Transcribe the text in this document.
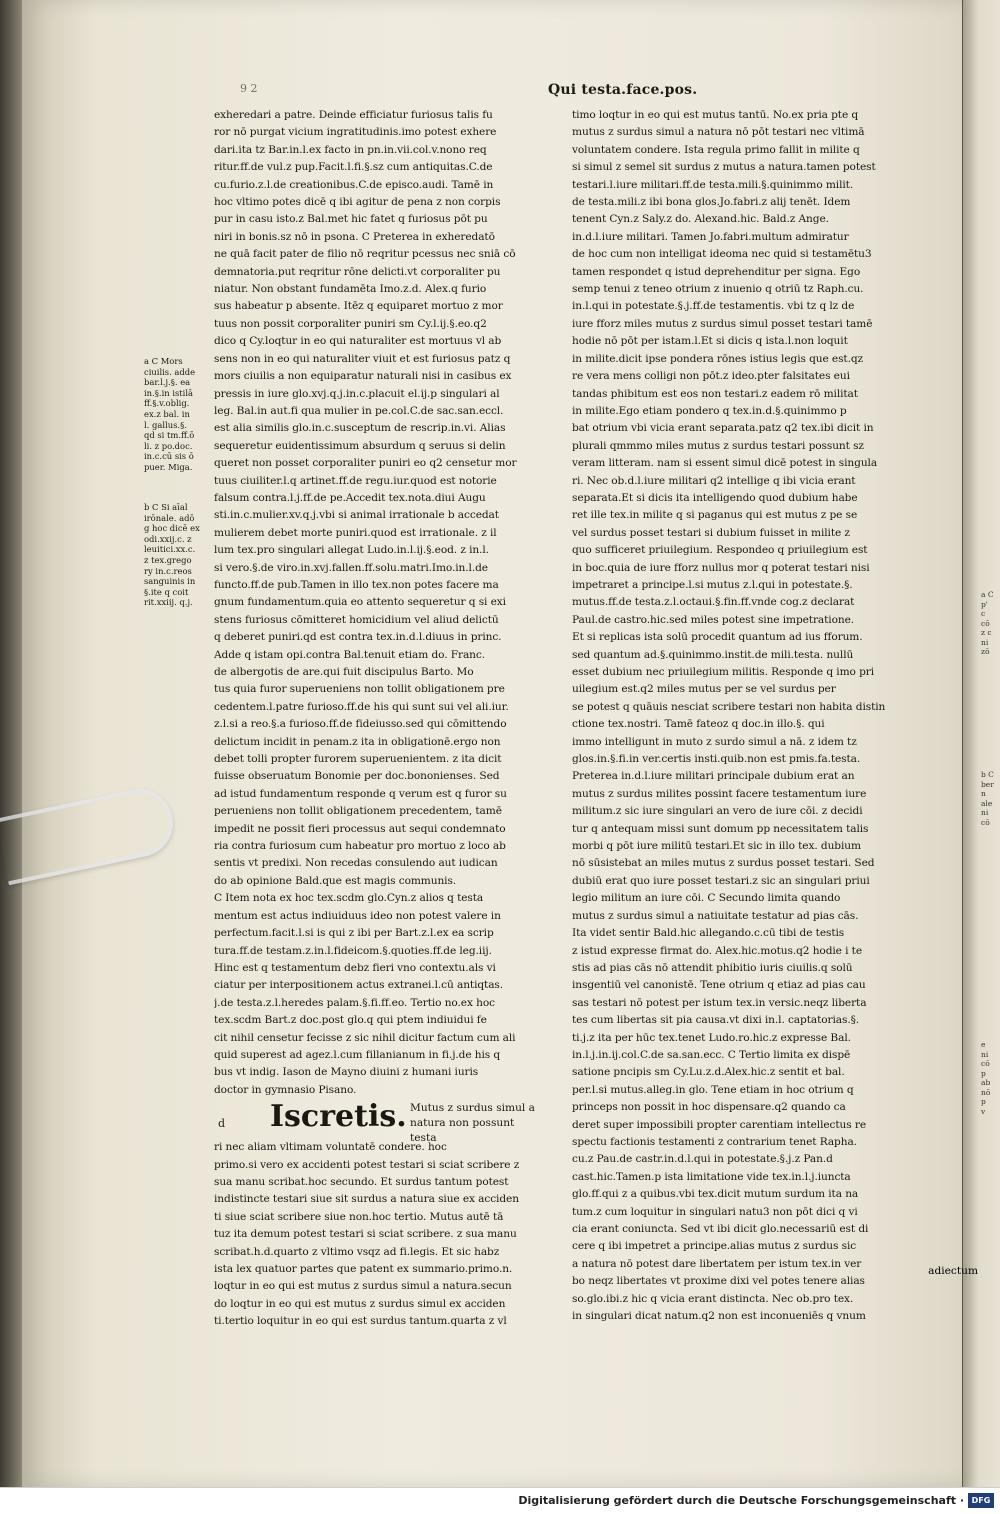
a C
p'
c
cō
z c
ni
zō
b C
ber
n
ale
ni
cō
e
ni
cō
p
ab
nō
p
v
9 2	Qui testa.face.pos.
a C Mors
ciuilis. adde
bar.l.j.§. ea
in.§.in istilā
ff.§.v.oblig.
ex.z bal. in
l. gallus.§.
qd si tm.ff.ō
li. z po.doc.
in.c.cū sis ō
puer. Miga.
b C Si aīal
irōnale. adō
g hoc dicē ex
odi.xxij.c. z
leuitici.xx.c.
z tex.grego
ry in.c.reos
sanguinis in
§.ite q coit
rit.xxiij. q.j.
exheredari a patre. Deinde efficiatur furiosus talis fu
ror nō purgat vicium ingratitudinis.imo potest exhere
dari.ita tz Bar.in.l.ex facto in pn.in.vii.col.v.nono req
ritur.ff.de vul.z pup.Facit.l.fi.§.sz cum antiquitas.C.de
cu.furio.z.l.de creationibus.C.de episco.audi. Tamē in
hoc vltimo potes dicē q ibi agitur de pena z non corpis
pur in casu isto.z Bal.met hic fatet q furiosus pōt pu
niri in bonis.sz nō in psona. C Preterea in exheredatō
ne quā facit pater de filio nō reqritur pcessus nec sniā cō
demnatoria.put reqritur rōne delicti.vt corporaliter pu
niatur. Non obstant fundamēta Imo.z.d. Alex.q furio
sus habeatur p absente. Itēz q equiparet mortuo z mor
tuus non possit corporaliter puniri sm Cy.l.ij.§.eo.q2
dico q Cy.loqtur in eo qui naturaliter est mortuus vl ab
sens non in eo qui naturaliter viuit et est furiosus patz q
mors ciuilis a non equiparatur naturali nisi in casibus ex
pressis in iure glo.xvj.q.j.in.c.placuit el.ij.p singulari al
leg. Bal.in aut.fi qua mulier in pe.col.C.de sac.san.eccl.
est alia similis glo.in.c.susceptum de rescrip.in.vi. Alias
sequeretur euidentissimum absurdum q seruus si delin
queret non posset corporaliter puniri eo q2 censetur mor
tuus ciuiliter.l.q artinet.ff.de regu.iur.quod est notorie
falsum contra.l.j.ff.de pe.Accedit tex.nota.diui Augu
sti.in.c.mulier.xv.q.j.vbi si animal irrationale b accedat
mulierem debet morte puniri.quod est irrationale. z il
lum tex.pro singulari allegat Ludo.in.l.ij.§.eod. z in.l.
si vero.§.de viro.in.xvj.fallen.ff.solu.matri.Imo.in.l.de
functo.ff.de pub.Tamen in illo tex.non potes facere ma
gnum fundamentum.quia eo attento sequeretur q si exi
stens furiosus cōmitteret homicidium vel aliud delictū
q deberet puniri.qd est contra tex.in.d.l.diuus in princ.
Adde q istam opi.contra Bal.tenuit etiam do. Franc.
de albergotis de are.qui fuit discipulus Barto. Mo
tus quia furor superueniens non tollit obligationem pre
cedentem.l.patre furioso.ff.de his qui sunt sui vel ali.iur.
z.l.si a reo.§.a furioso.ff.de fideiusso.sed qui cōmittendo
delictum incidit in penam.z ita in obligationē.ergo non
debet tolli propter furorem superuenientem. z ita dicit
fuisse obseruatum Bonomie per doc.bononienses. Sed
ad istud fundamentum responde q verum est q furor su
perueniens non tollit obligationem precedentem, tamē
impedit ne possit fieri processus aut sequi condemnato
ria contra furiosum cum habeatur pro mortuo z loco ab
sentis vt predixi. Non recedas consulendo aut iudican
do ab opinione Bald.que est magis communis.
C Item nota ex hoc tex.scdm glo.Cyn.z alios q testa
mentum est actus indiuiduus ideo non potest valere in
perfectum.facit.l.si is qui z ibi per Bart.z.l.ex ea scrip
tura.ff.de testam.z.in.l.fideicom.§.quoties.ff.de leg.iij.
Hinc est q testamentum debz fieri vno contextu.als vi
ciatur per interpositionem actus extranei.l.cū antiqtas.
j.de testa.z.l.heredes palam.§.fi.ff.eo. Tertio no.ex hoc
tex.scdm Bart.z doc.post glo.q qui ptem indiuidui fe
cit nihil censetur fecisse z sic nihil dicitur factum cum ali
quid superest ad agez.l.cum fillanianum in fi.j.de his q
bus vt indig. Iason de Mayno diuini z humani iuris
doctor in gymnasio Pisano.
d Iscretis. Mutus z surdus simul a
natura non possunt testa
ri nec aliam vltimam voluntatē condere. hoc
primo.si vero ex accidenti potest testari si sciat scribere z
sua manu scribat.hoc secundo. Et surdus tantum potest
indistincte testari siue sit surdus a natura siue ex acciden
ti siue sciat scribere siue non.hoc tertio. Mutus autē tā
tuz ita demum potest testari si sciat scribere. z sua manu
scribat.h.d.quarto z vltimo vsqz ad fi.legis. Et sic habz
ista lex quatuor partes que patent ex summario.primo.n.
loqtur in eo qui est mutus z surdus simul a natura.secun
do loqtur in eo qui est mutus z surdus simul ex acciden
ti.tertio loquitur in eo qui est surdus tantum.quarta z vl
timo loqtur in eo qui est mutus tantū. No.ex pria pte q
mutus z surdus simul a natura nō pōt testari nec vltimā
voluntatem condere. Ista regula primo fallit in milite q
si simul z semel sit surdus z mutus a natura.tamen potest
testari.l.iure militari.ff.de testa.mili.§.quinimmo milit.
de testa.mili.z ibi bona glos.Jo.fabri.z alij tenēt. Idem
tenent Cyn.z Saly.z do. Alexand.hic. Bald.z Ange.
in.d.l.iure militari. Tamen Jo.fabri.multum admiratur
de hoc cum non intelligat ideoma nec quid si testamētu3
tamen respondet q istud deprehenditur per signa. Ego
semp tenui z teneo otrium z inuenio q otriū tz Raph.cu.
in.l.qui in potestate.§.j.ff.de testamentis. vbi tz q lz de
iure fforz miles mutus z surdus simul posset testari tamē
hodie nō pōt per istam.l.Et si dicis q ista.l.non loquit
in milite.dicit ipse pondera rōnes istius legis que est.qz
re vera mens colligi non pōt.z ideo.pter falsitates eui
tandas phibitum est eos non testari.z eadem rō militat
in milite.Ego etiam pondero q tex.in.d.§.quinimmo p
bat otrium vbi vicia erant separata.patz q2 tex.ibi dicit in
plurali qmmmo miles mutus z surdus testari possunt sz
veram litteram. nam si essent simul dicē potest in singula
ri. Nec ob.d.l.iure militari q2 intellige q ibi vicia erant
separata.Et si dicis ita intelligendo quod dubium habe
ret ille tex.in milite q si paganus qui est mutus z pe se
vel surdus posset testari si dubium fuisset in milite z
quo sufficeret priuilegium. Respondeo q priuilegium est
in boc.quia de iure fforz nullus mor q poterat testari nisi
impetraret a principe.l.si mutus z.l.qui in potestate.§.
mutus.ff.de testa.z.l.octaui.§.fin.ff.vnde cog.z declarat
Paul.de castro.hic.sed miles potest sine impetratione.
Et si replicas ista solū procedit quantum ad ius fforum.
sed quantum ad.§.quinimmo.instit.de mili.testa. nullū
esset dubium nec priuilegium militis. Responde q imo pri
uilegium est.q2 miles mutus per se vel surdus per
se potest q quāuis nesciat scribere testari non habita distin
ctione tex.nostri. Tamē fateoz q doc.in illo.§. qui
immo intelligunt in muto z surdo simul a nā. z idem tz
glos.in.§.fi.in ver.certis insti.quib.non est pmis.fa.testa.
Preterea in.d.l.iure militari principale dubium erat an
mutus z surdus milites possint facere testamentum iure
militum.z sic iure singulari an vero de iure cōi. z decidi
tur q antequam missi sunt domum pp necessitatem talis
morbi q pōt iure militū testari.Et sic in illo tex. dubium
nō sūsistebat an miles mutus z surdus posset testari. Sed
dubiū erat quo iure posset testari.z sic an singulari priui
legio militum an iure cōi. C Secundo limita quando
mutus z surdus simul a natiuitate testatur ad pias cās.
Ita videt sentir Bald.hic allegando.c.cū tibi de testis
z istud expresse firmat do. Alex.hic.motus.q2 hodie i te
stis ad pias cās nō attendit phibitio iuris ciuilis.q solū
insgentiū vel canonistē. Tene otrium q etiaz ad pias cau
sas testari nō potest per istum tex.in versic.neqz liberta
tes cum libertas sit pia causa.vt dixi in.l. captatorias.§.
ti.j.z ita per hūc tex.tenet Ludo.ro.hic.z expresse Bal.
in.l.j.in.ij.col.C.de sa.san.ecc. C Tertio limita ex dispē
satione pncipis sm Cy.Lu.z.d.Alex.hic.z sentit et bal.
per.l.si mutus.alleg.in glo. Tene etiam in hoc otrium q
princeps non possit in hoc dispensare.q2 quando ca
deret super impossibili propter carentiam intellectus re
spectu factionis testamenti z contrarium tenet Rapha.
cu.z Pau.de castr.in.d.l.qui in potestate.§.j.z Pan.d
cast.hic.Tamen.p ista limitatione vide tex.in.l.j.iuncta
glo.ff.qui z a quibus.vbi tex.dicit mutum surdum ita na
tum.z cum loquitur in singulari natu3 non pōt dici q vi
cia erant coniuncta. Sed vt ibi dicit glo.necessariū est di
cere q ibi impetret a principe.alias mutus z surdus sic
a natura nō potest dare libertatem per istum tex.in ver
bo neqz libertates vt proxime dixi vel potes tenere alias
so.glo.ibi.z hic q vicia erant distincta. Nec ob.pro tex.
in singulari dicat natum.q2 non est inconueniēs q vnum
adiectum
Digitalisierung gefördert durch die Deutsche Forschungsgemeinschaft · DFG
